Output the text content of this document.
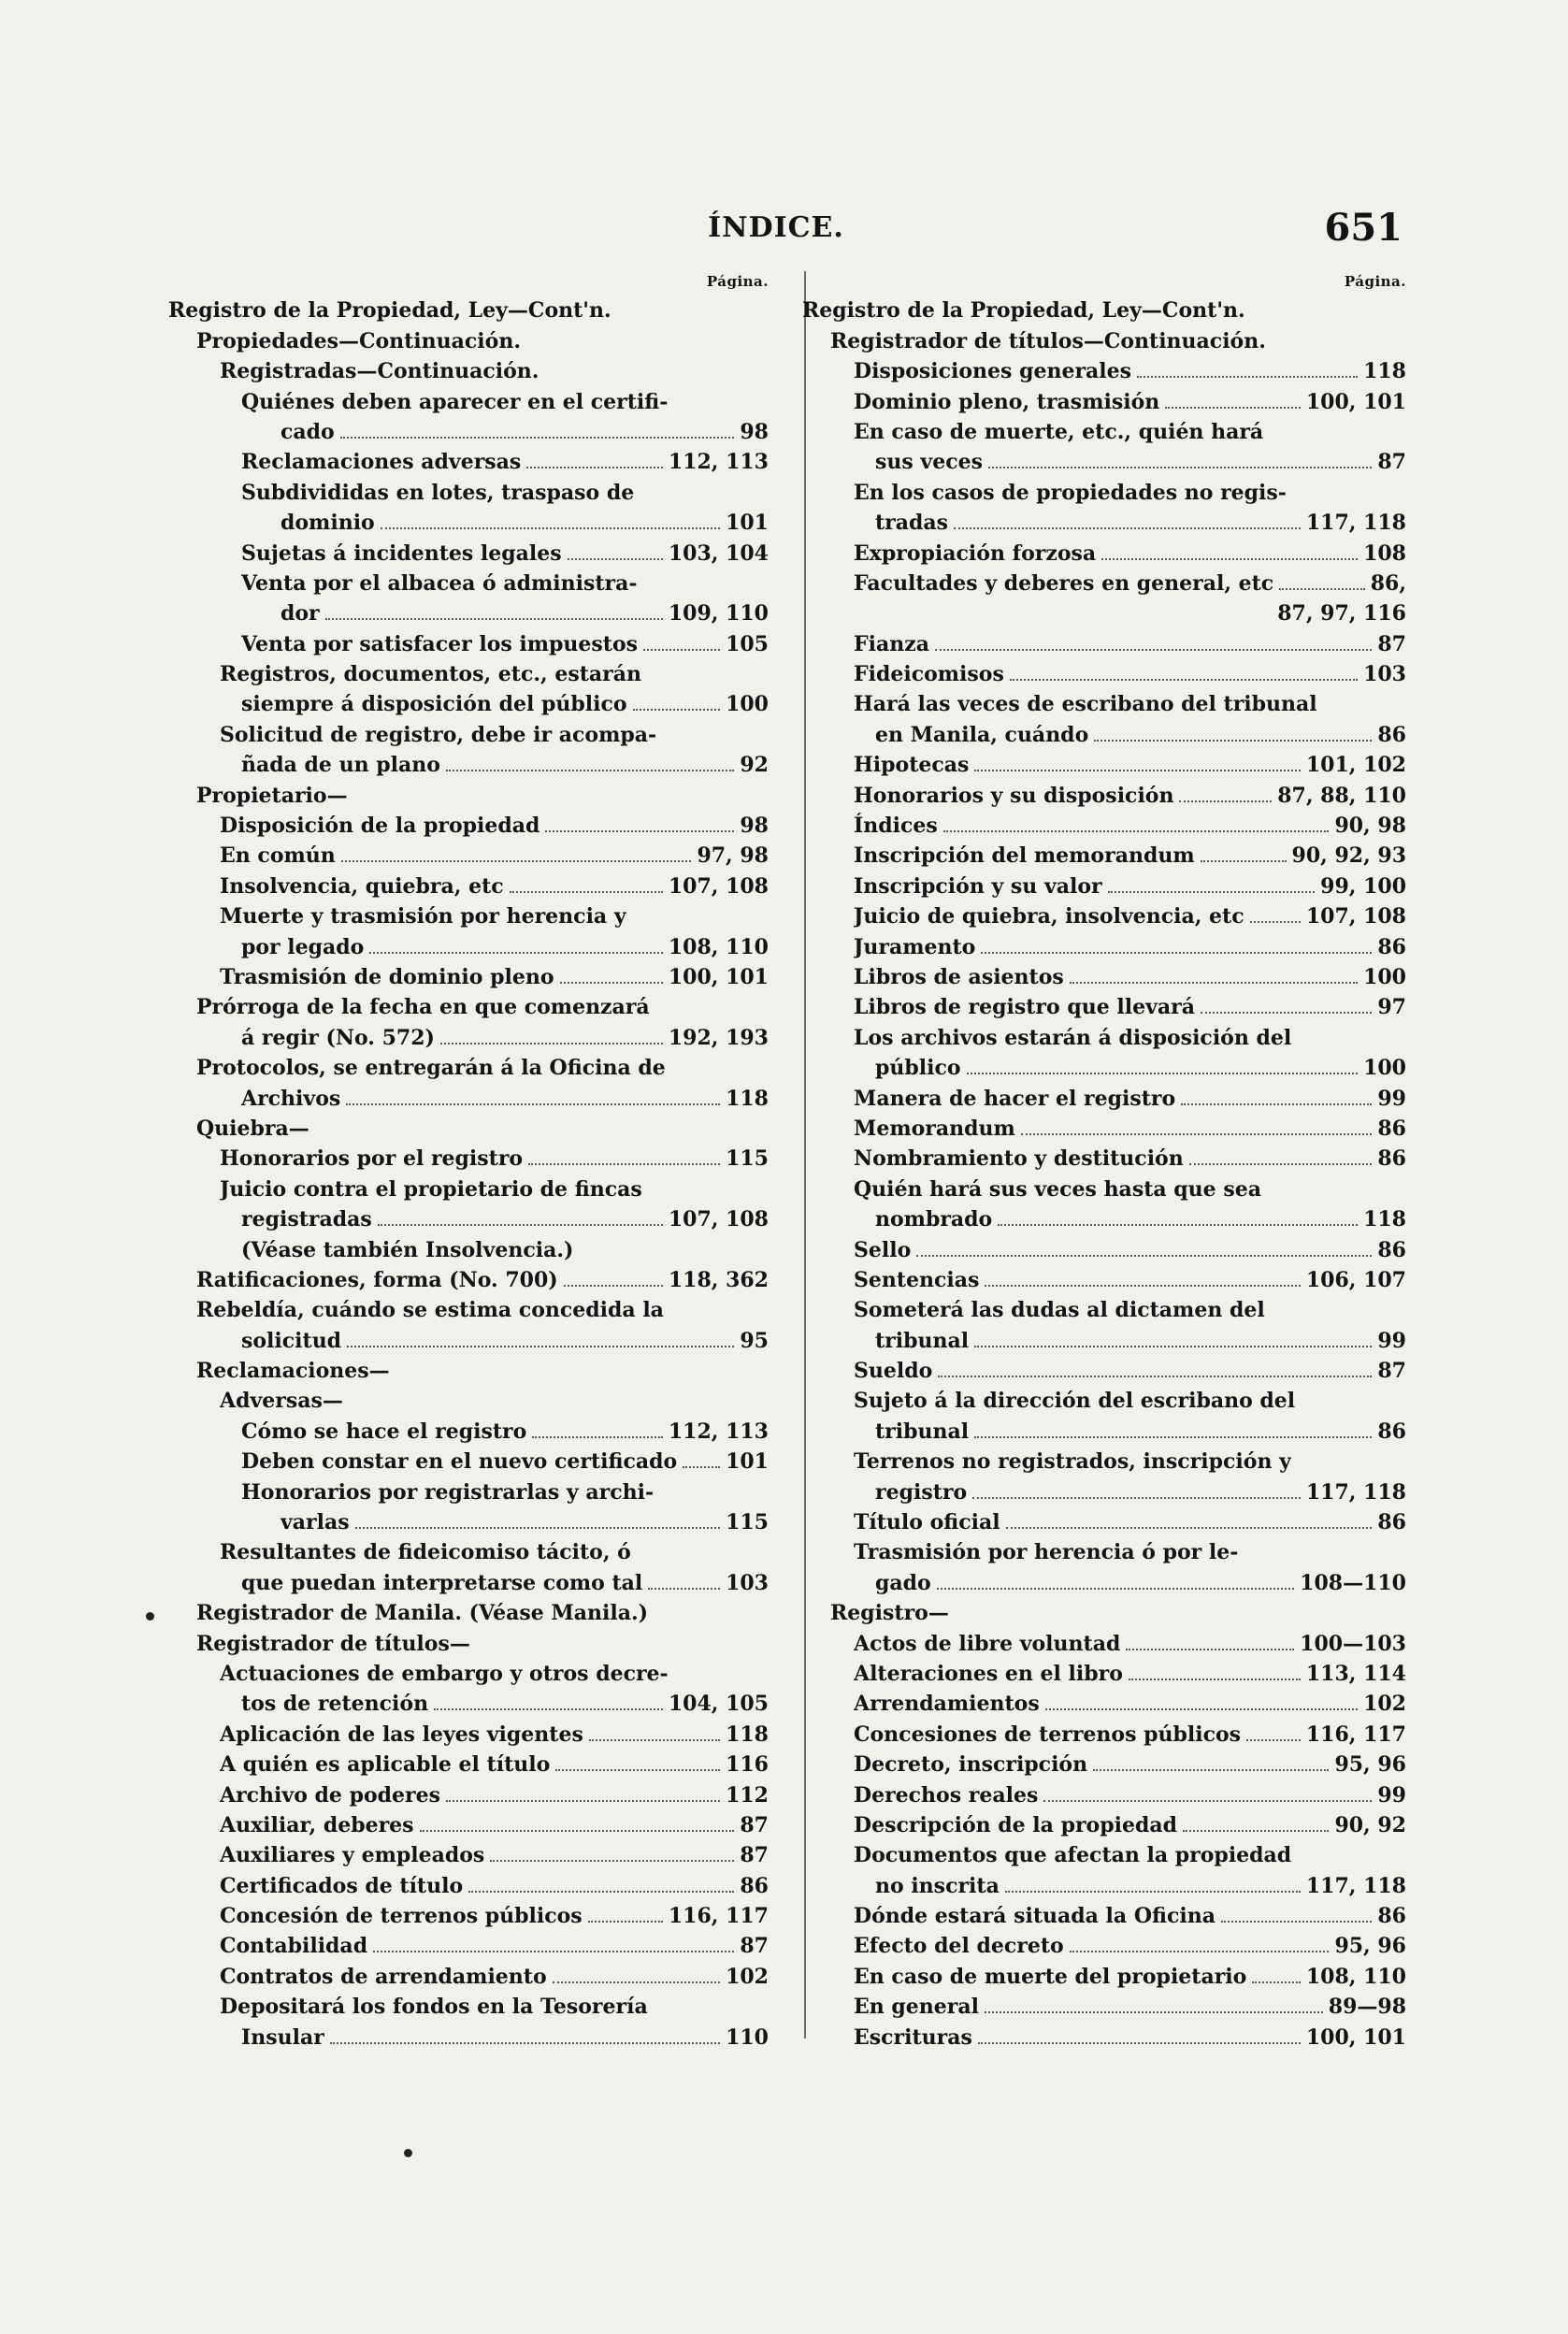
ÍNDICE.	651
Página.
Registro de la Propiedad, Ley—Cont'n.
Propiedades—Continuación.
Registradas—Continuación.
Quiénes deben aparecer en el certifi-
cado	98
Reclamaciones adversas	112, 113
Subdivididas en lotes, traspaso de
dominio	101
Sujetas á incidentes legales	103, 104
Venta por el albacea ó administra-
dor	109, 110
Venta por satisfacer los impuestos	105
Registros, documentos, etc., estarán
siempre á disposición del público	100
Solicitud de registro, debe ir acompa-
ñada de un plano	92
Propietario—
Disposición de la propiedad	98
En común	97, 98
Insolvencia, quiebra, etc	107, 108
Muerte y trasmisión por herencia y
por legado	108, 110
Trasmisión de dominio pleno	100, 101
Prórroga de la fecha en que comenzará
á regir (No. 572)	192, 193
Protocolos, se entregarán á la Oficina de
Archivos	118
Quiebra—
Honorarios por el registro	115
Juicio contra el propietario de fincas
registradas	107, 108
(Véase también Insolvencia.)
Ratificaciones, forma (No. 700)	118, 362
Rebeldía, cuándo se estima concedida la
solicitud	95
Reclamaciones—
Adversas—
Cómo se hace el registro	112, 113
Deben constar en el nuevo certificado 101
Honorarios por registrarlas y archi-
varlas	115
Resultantes de fideicomiso tácito, ó
que puedan interpretarse como tal	103
Registrador de Manila. (Véase Manila.)
Registrador de títulos—
Actuaciones de embargo y otros decre-
tos de retención	104, 105
Aplicación de las leyes vigentes	118
A quién es aplicable el título	116
Archivo de poderes	112
Auxiliar, deberes	87
Auxiliares y empleados	87
Certificados de título	86
Concesión de terrenos públicos	116, 117
Contabilidad	87
Contratos de arrendamiento	102
Depositará los fondos en la Tesorería
Insular	110
Página.
Registro de la Propiedad, Ley—Cont'n.
Registrador de títulos—Continuación.
Disposiciones generales	118
Dominio pleno, trasmisión	100, 101
En caso de muerte, etc., quién hará
sus veces	87
En los casos de propiedades no regis-
tradas	117, 118
Expropiación forzosa	108
Facultades y deberes en general, etc	86,
87, 97, 116
Fianza	87
Fideicomisos	103
Hará las veces de escribano del tribunal
en Manila, cuándo	86
Hipotecas	101, 102
Honorarios y su disposición	87, 88, 110
Índices	90, 98
Inscripción del memorandum	90, 92, 93
Inscripción y su valor	99, 100
Juicio de quiebra, insolvencia, etc	107, 108
Juramento	86
Libros de asientos	100
Libros de registro que llevará	97
Los archivos estarán á disposición del
público	100
Manera de hacer el registro	99
Memorandum	86
Nombramiento y destitución	86
Quién hará sus veces hasta que sea
nombrado	118
Sello	86
Sentencias	106, 107
Someterá las dudas al dictamen del
tribunal	99
Sueldo	87
Sujeto á la dirección del escribano del
tribunal	86
Terrenos no registrados, inscripción y
registro	117, 118
Título oficial	86
Trasmisión por herencia ó por le-
gado	108—110
Registro—
Actos de libre voluntad	100—103
Alteraciones en el libro	113, 114
Arrendamientos	102
Concesiones de terrenos públicos	116, 117
Decreto, inscripción	95, 96
Derechos reales	99
Descripción de la propiedad	90, 92
Documentos que afectan la propiedad
no inscrita	117, 118
Dónde estará situada la Oficina	86
Efecto del decreto	95, 96
En caso de muerte del propietario	108, 110
En general	89—98
Escrituras	100, 101
